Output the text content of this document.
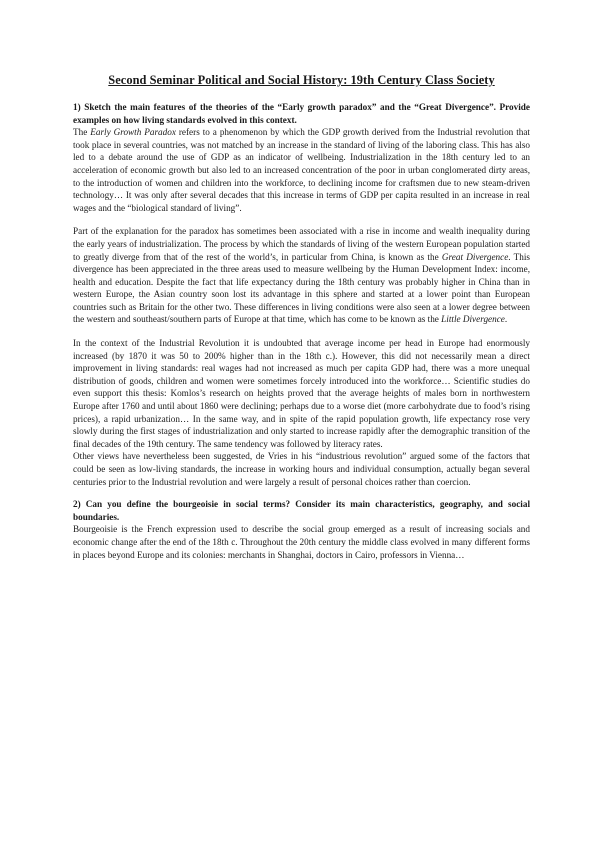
Second Seminar Political and Social History: 19th Century Class Society

1) Sketch the main features of the theories of the “Early growth paradox” and the “Great Divergence”. Provide examples on how living standards evolved in this context.

The Early Growth Paradox refers to a phenomenon by which the GDP growth derived from the Industrial revolution that took place in several countries, was not matched by an increase in the standard of living of the laboring class. This has also led to a debate around the use of GDP as an indicator of wellbeing. Industrialization in the 18th century led to an acceleration of economic growth but also led to an increased concentration of the poor in urban conglomerated dirty areas, to the introduction of women and children into the workforce, to declining income for craftsmen due to new steam-driven technology… It was only after several decades that this increase in terms of GDP per capita resulted in an increase in real wages and the “biological standard of living”.

Part of the explanation for the paradox has sometimes been associated with a rise in income and wealth inequality during the early years of industrialization. The process by which the standards of living of the western European population started to greatly diverge from that of the rest of the world’s, in particular from China, is known as the Great Divergence. This divergence has been appreciated in the three areas used to measure wellbeing by the Human Development Index: income, health and education. Despite the fact that life expectancy during the 18th century was probably higher in China than in western Europe, the Asian country soon lost its advantage in this sphere and started at a lower point than European countries such as Britain for the other two. These differences in living conditions were also seen at a lower degree between the western and southeast/southern parts of Europe at that time, which has come to be known as the Little Divergence.

In the context of the Industrial Revolution it is undoubted that average income per head in Europe had enormously increased (by 1870 it was 50 to 200% higher than in the 18th c.). However, this did not necessarily mean a direct improvement in living standards: real wages had not increased as much per capita GDP had, there was a more unequal distribution of goods, children and women were sometimes forcely introduced into the workforce… Scientific studies do even support this thesis: Komlos’s research on heights proved that the average heights of males born in northwestern Europe after 1760 and until about 1860 were declining; perhaps due to a worse diet (more carbohydrate due to food’s rising prices), a rapid urbanization… In the same way, and in spite of the rapid population growth, life expectancy rose very slowly during the first stages of industrialization and only started to increase rapidly after the demographic transition of the final decades of the 19th century. The same tendency was followed by literacy rates.

Other views have nevertheless been suggested, de Vries in his “industrious revolution” argued some of the factors that could be seen as low-living standards, the increase in working hours and individual consumption, actually began several centuries prior to the Industrial revolution and were largely a result of personal choices rather than coercion.

2) Can you define the bourgeoisie in social terms? Consider its main characteristics, geography, and social boundaries.

Bourgeoisie is the French expression used to describe the social group emerged as a result of increasing socials and economic change after the end of the 18th c. Throughout the 20th century the middle class evolved in many different forms in places beyond Europe and its colonies: merchants in Shanghai, doctors in Cairo, professors in Vienna…
